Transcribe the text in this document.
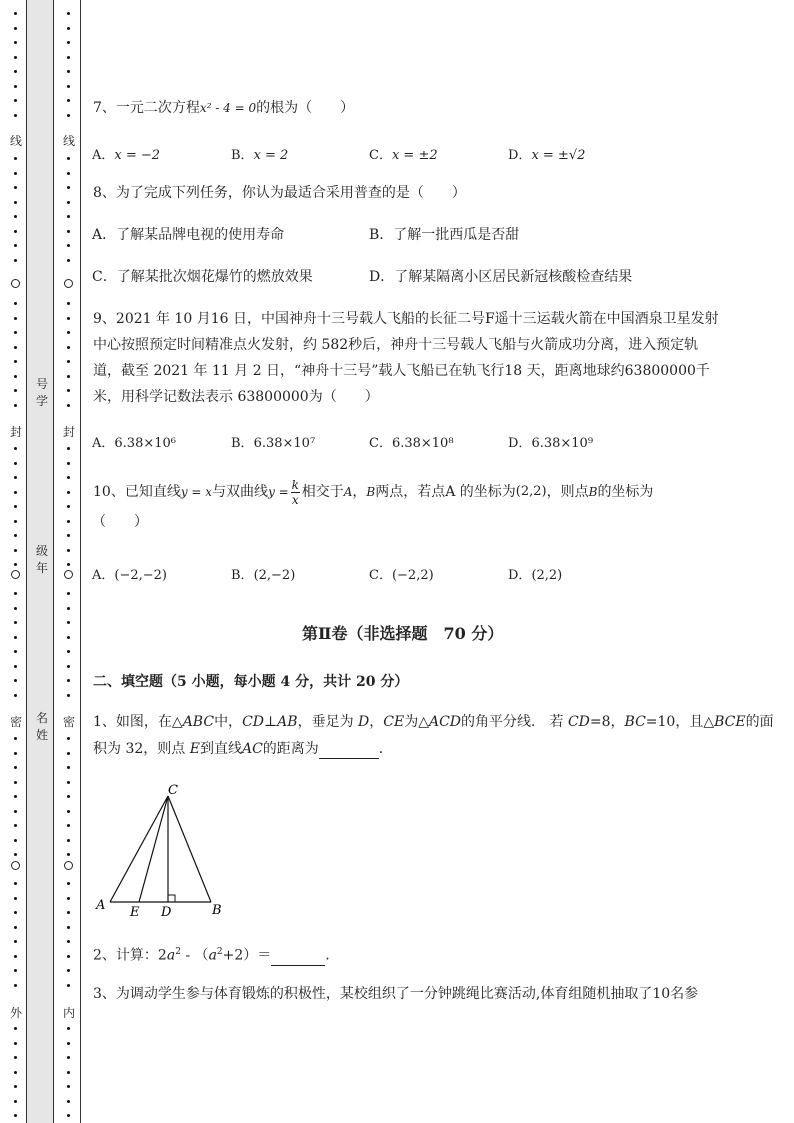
线
封
密
外
线
封
密
内
号学
级年
名姓
7、一元二次方程x² - 4 = 0的根为（　　）
A．x = −2	B．x = 2	C．x = ±2	D．x = ±√2
8、为了完成下列任务，你认为最适合采用普查的是（　　）
A．了解某品牌电视的使用寿命	B．了解一批西瓜是否甜
C．了解某批次烟花爆竹的燃放效果	D．了解某隔离小区居民新冠核酸检查结果
9、2021 年 10 月16 日，中国神舟十三号载人飞船的长征二号F遥十三运载火箭在中国酒泉卫星发射
中心按照预定时间精准点火发射，约 582秒后，神舟十三号载人飞船与火箭成功分离，进入预定轨
道，截至 2021 年 11 月 2 日，“神舟十三号”载人飞船已在轨飞行18 天，距离地球约63800000千
米，用科学记数法表示 63800000为（　　）
A．6.38×10⁶	B．6.38×10⁷	C．6.38×10⁸	D．6.38×10⁹
10、已知直线 y = x 与双曲线 y =
k
x 相交于 A ， B 两点，若点A 的坐标为 (2,2) ，则点 B 的坐标为
（　　）
A．(−2,−2)	B．(2,−2)	C．(−2,2)	D．(2,2)
第Ⅱ卷（非选择题　70 分）
二、填空题（5 小题，每小题 4 分，共计 20 分）
1、如图，在△ABC中，CD⊥AB，垂足为 D，CE为△ACD的角平分线． 若 CD=8，BC=10，且△BCE的面
积为 32，则点 E到直线AC的距离为	．
C
A E D	B
2、计算：$2a^2 - (a^2+2)=$	.
3、为调动学生参与体育锻炼的积极性，某校组织了一分钟跳绳比赛活动,体育组随机抽取了10名参
